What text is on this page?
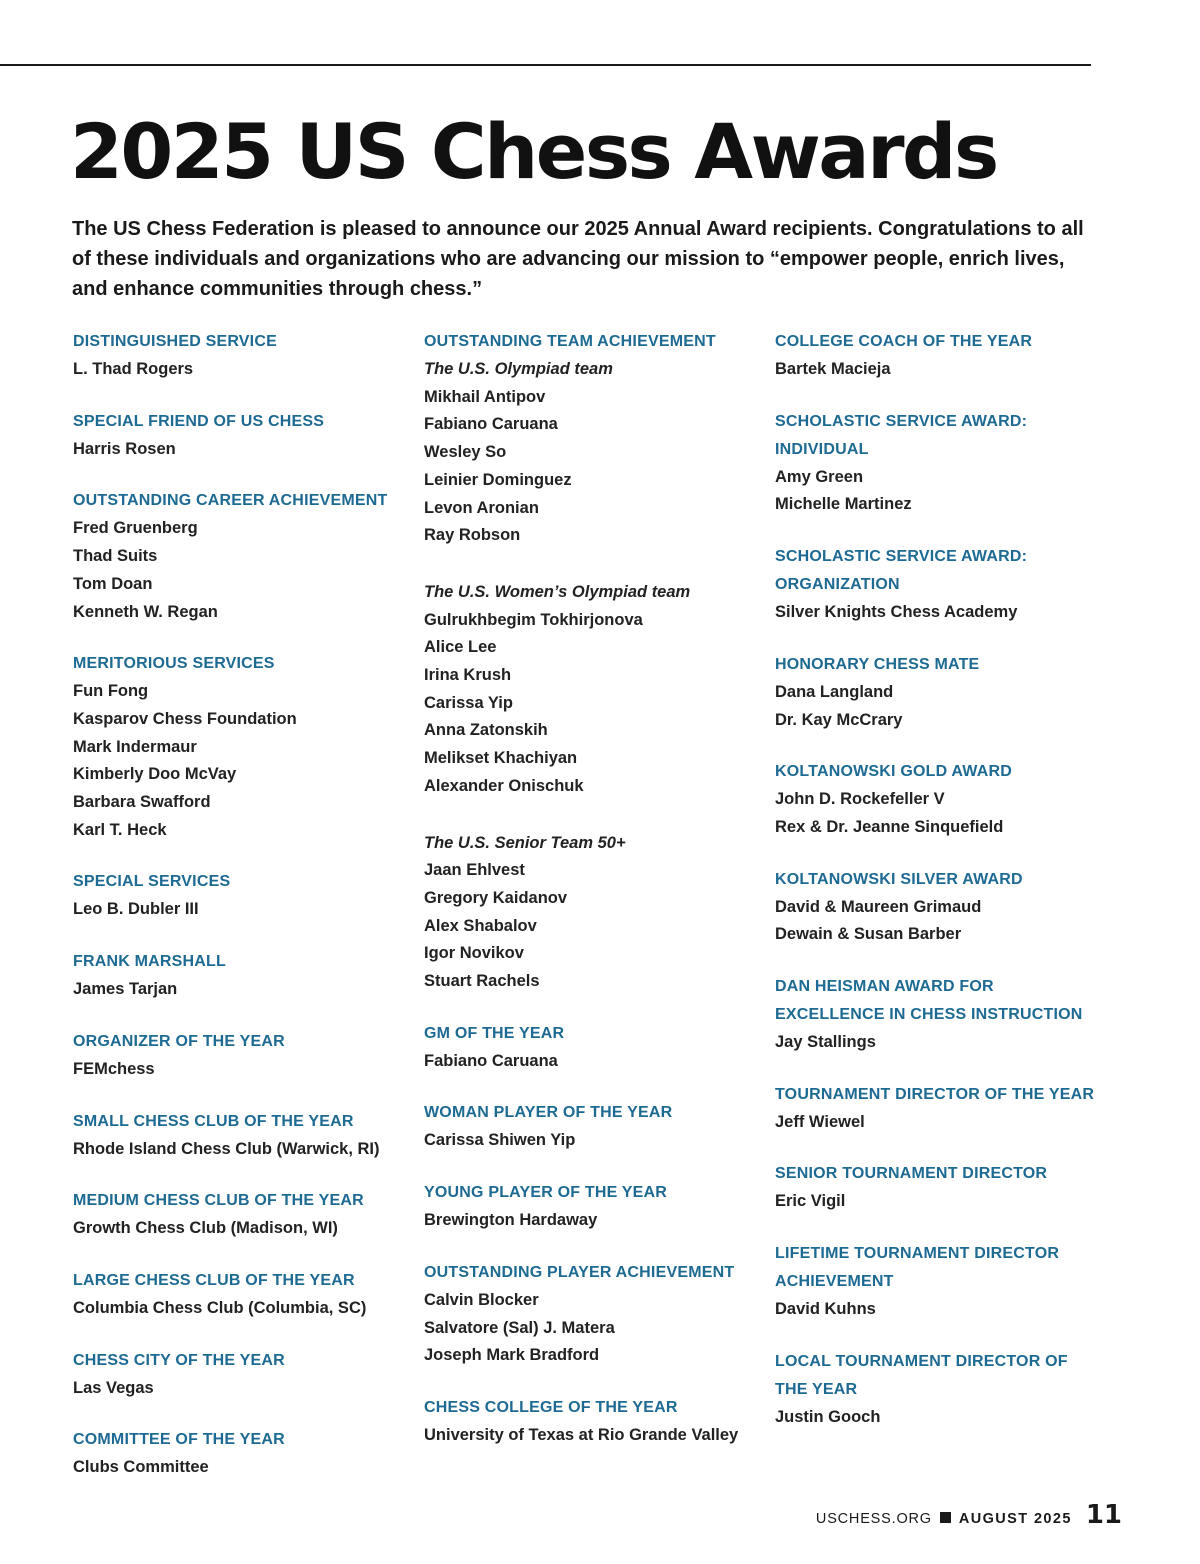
2025 US Chess Awards

The US Chess Federation is pleased to announce our 2025 Annual Award recipients. Congratulations to all of these individuals and organizations who are advancing our mission to “empower people, enrich lives, and enhance communities through chess.”

DISTINGUISHED SERVICE
L. Thad Rogers
SPECIAL FRIEND OF US CHESS
Harris Rosen
OUTSTANDING CAREER ACHIEVEMENT
Fred Gruenberg
Thad Suits
Tom Doan
Kenneth W. Regan
MERITORIOUS SERVICES
Fun Fong
Kasparov Chess Foundation
Mark Indermaur
Kimberly Doo McVay
Barbara Swafford
Karl T. Heck
SPECIAL SERVICES
Leo B. Dubler III
FRANK MARSHALL
James Tarjan
ORGANIZER OF THE YEAR
FEMchess
SMALL CHESS CLUB OF THE YEAR
Rhode Island Chess Club (Warwick, RI)
MEDIUM CHESS CLUB OF THE YEAR
Growth Chess Club (Madison, WI)
LARGE CHESS CLUB OF THE YEAR
Columbia Chess Club (Columbia, SC)
CHESS CITY OF THE YEAR
Las Vegas
COMMITTEE OF THE YEAR
Clubs Committee
OUTSTANDING TEAM ACHIEVEMENT
The U.S. Olympiad team
Mikhail Antipov
Fabiano Caruana
Wesley So
Leinier Dominguez
Levon Aronian
Ray Robson
The U.S. Women’s Olympiad team
Gulrukhbegim Tokhirjonova
Alice Lee
Irina Krush
Carissa Yip
Anna Zatonskih
Melikset Khachiyan
Alexander Onischuk
The U.S. Senior Team 50+
Jaan Ehlvest
Gregory Kaidanov
Alex Shabalov
Igor Novikov
Stuart Rachels
GM OF THE YEAR
Fabiano Caruana
WOMAN PLAYER OF THE YEAR
Carissa Shiwen Yip
YOUNG PLAYER OF THE YEAR
Brewington Hardaway
OUTSTANDING PLAYER ACHIEVEMENT
Calvin Blocker
Salvatore (Sal) J. Matera
Joseph Mark Bradford
CHESS COLLEGE OF THE YEAR
University of Texas at Rio Grande Valley
COLLEGE COACH OF THE YEAR
Bartek Macieja
SCHOLASTIC SERVICE AWARD: INDIVIDUAL
Amy Green
Michelle Martinez
SCHOLASTIC SERVICE AWARD: ORGANIZATION
Silver Knights Chess Academy
HONORARY CHESS MATE
Dana Langland
Dr. Kay McCrary
KOLTANOWSKI GOLD AWARD
John D. Rockefeller V
Rex & Dr. Jeanne Sinquefield
KOLTANOWSKI SILVER AWARD
David & Maureen Grimaud
Dewain & Susan Barber
DAN HEISMAN AWARD FOR EXCELLENCE IN CHESS INSTRUCTION
Jay Stallings
TOURNAMENT DIRECTOR OF THE YEAR
Jeff Wiewel
SENIOR TOURNAMENT DIRECTOR
Eric Vigil
LIFETIME TOURNAMENT DIRECTOR ACHIEVEMENT
David Kuhns
LOCAL TOURNAMENT DIRECTOR OF THE YEAR
Justin Gooch
USCHESS.ORG AUGUST 2025 11
